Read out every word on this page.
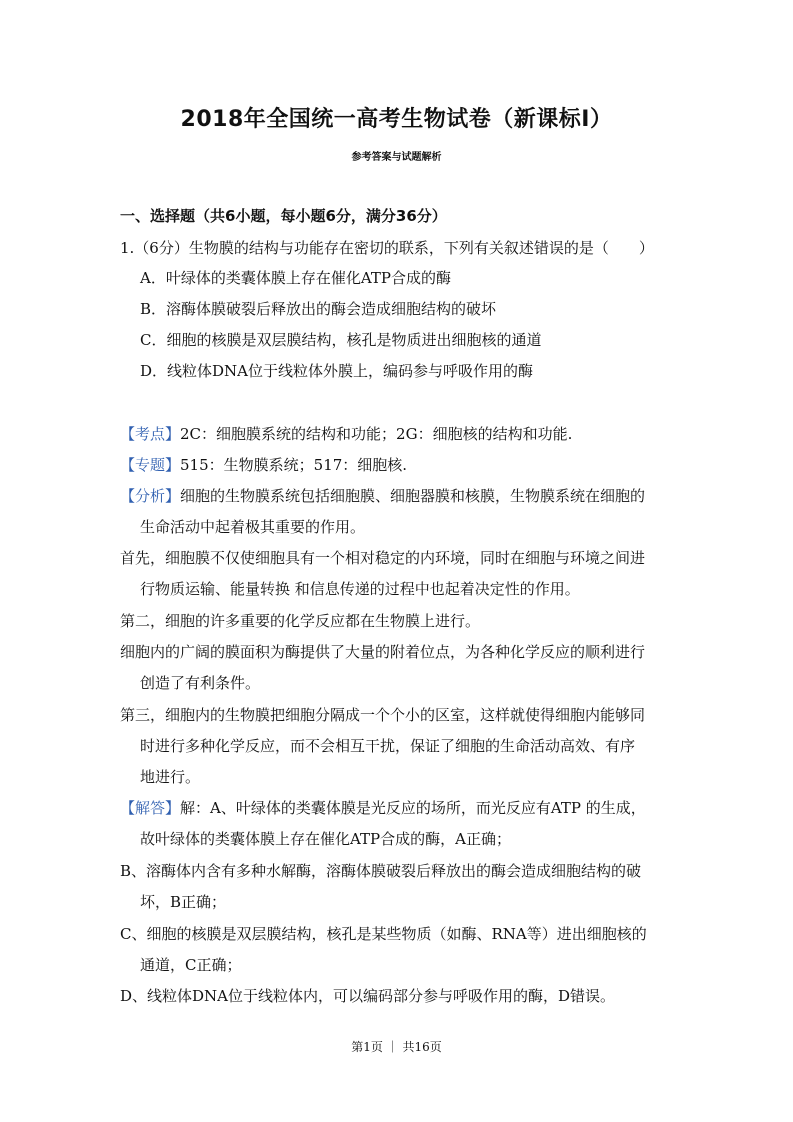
2018年全国统一高考生物试卷（新课标Ⅰ）
参考答案与试题解析
一、选择题（共6小题，每小题6分，满分36分）
1.（6分）生物膜的结构与功能存在密切的联系，下列有关叙述错误的是（　　）
A．叶绿体的类囊体膜上存在催化ATP合成的酶
B．溶酶体膜破裂后释放出的酶会造成细胞结构的破坏
C．细胞的核膜是双层膜结构，核孔是物质进出细胞核的通道
D．线粒体DNA位于线粒体外膜上，编码参与呼吸作用的酶
【考点】2C：细胞膜系统的结构和功能；2G：细胞核的结构和功能.
【专题】515：生物膜系统；517：细胞核.
【分析】细胞的生物膜系统包括细胞膜、细胞器膜和核膜，生物膜系统在细胞的
生命活动中起着极其重要的作用。
首先，细胞膜不仅使细胞具有一个相对稳定的内环境，同时在细胞与环境之间进
行物质运输、能量转换 和信息传递的过程中也起着决定性的作用。
第二，细胞的许多重要的化学反应都在生物膜上进行。
细胞内的广阔的膜面积为酶提供了大量的附着位点，为各种化学反应的顺利进行
创造了有利条件。
第三，细胞内的生物膜把细胞分隔成一个个小的区室，这样就使得细胞内能够同
时进行多种化学反应，而不会相互干扰，保证了细胞的生命活动高效、有序
地进行。
【解答】解：A、叶绿体的类囊体膜是光反应的场所，而光反应有ATP 的生成，
故叶绿体的类囊体膜上存在催化ATP合成的酶，A正确；
B、溶酶体内含有多种水解酶，溶酶体膜破裂后释放出的酶会造成细胞结构的破
坏，B正确；
C、细胞的核膜是双层膜结构，核孔是某些物质（如酶、RNA等）进出细胞核的
通道，C正确；
D、线粒体DNA位于线粒体内，可以编码部分参与呼吸作用的酶，D错误。
第1页 ｜ 共16页
